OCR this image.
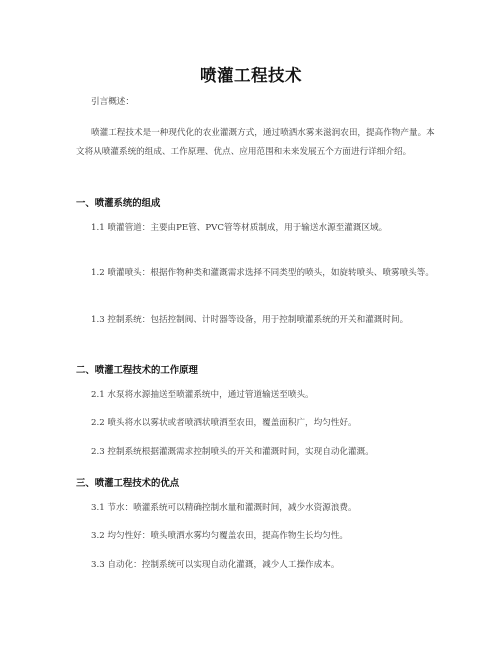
喷灌工程技术

引言概述：

喷灌工程技术是一种现代化的农业灌溉方式，通过喷洒水雾来滋润农田，提高作物产量。本文将从喷灌系统的组成、工作原理、优点、应用范围和未来发展五个方面进行详细介绍。

一、喷灌系统的组成

1.1 喷灌管道：主要由PE管、PVC管等材质制成，用于输送水源至灌溉区域。

1.2 喷灌喷头：根据作物种类和灌溉需求选择不同类型的喷头，如旋转喷头、喷雾喷头等。

1.3 控制系统：包括控制阀、计时器等设备，用于控制喷灌系统的开关和灌溉时间。

二、喷灌工程技术的工作原理

2.1 水泵将水源抽送至喷灌系统中，通过管道输送至喷头。

2.2 喷头将水以雾状或者喷洒状喷洒至农田，覆盖面积广，均匀性好。

2.3 控制系统根据灌溉需求控制喷头的开关和灌溉时间，实现自动化灌溉。

三、喷灌工程技术的优点

3.1 节水：喷灌系统可以精确控制水量和灌溉时间，减少水资源浪费。

3.2 均匀性好：喷头喷洒水雾均匀覆盖农田，提高作物生长均匀性。

3.3 自动化：控制系统可以实现自动化灌溉，减少人工操作成本。
